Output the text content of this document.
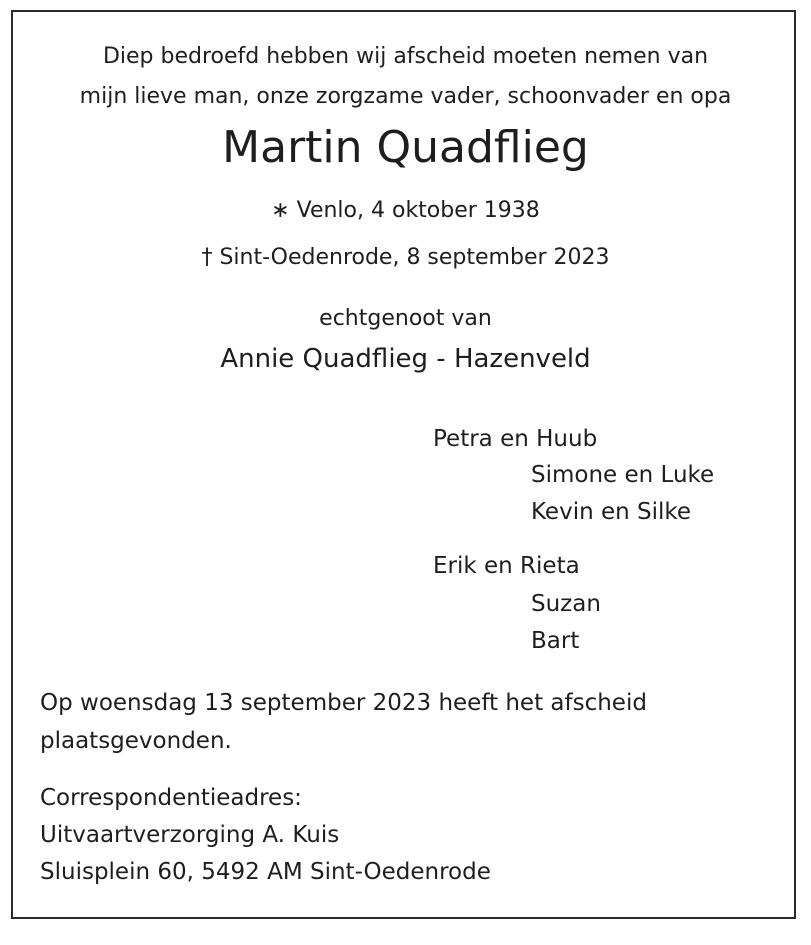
Diep bedroefd hebben wij afscheid moeten nemen van
mijn lieve man, onze zorgzame vader, schoonvader en opa
Martin Quadflieg
∗ Venlo, 4 oktober 1938
† Sint-Oedenrode, 8 september 2023
echtgenoot van
Annie Quadflieg - Hazenveld
Petra en Huub
Simone en Luke
Kevin en Silke
Erik en Rieta
Suzan
Bart
Op woensdag 13 september 2023 heeft het afscheid
plaatsgevonden.
Correspondentieadres:
Uitvaartverzorging A. Kuis
Sluisplein 60, 5492 AM Sint-Oedenrode
